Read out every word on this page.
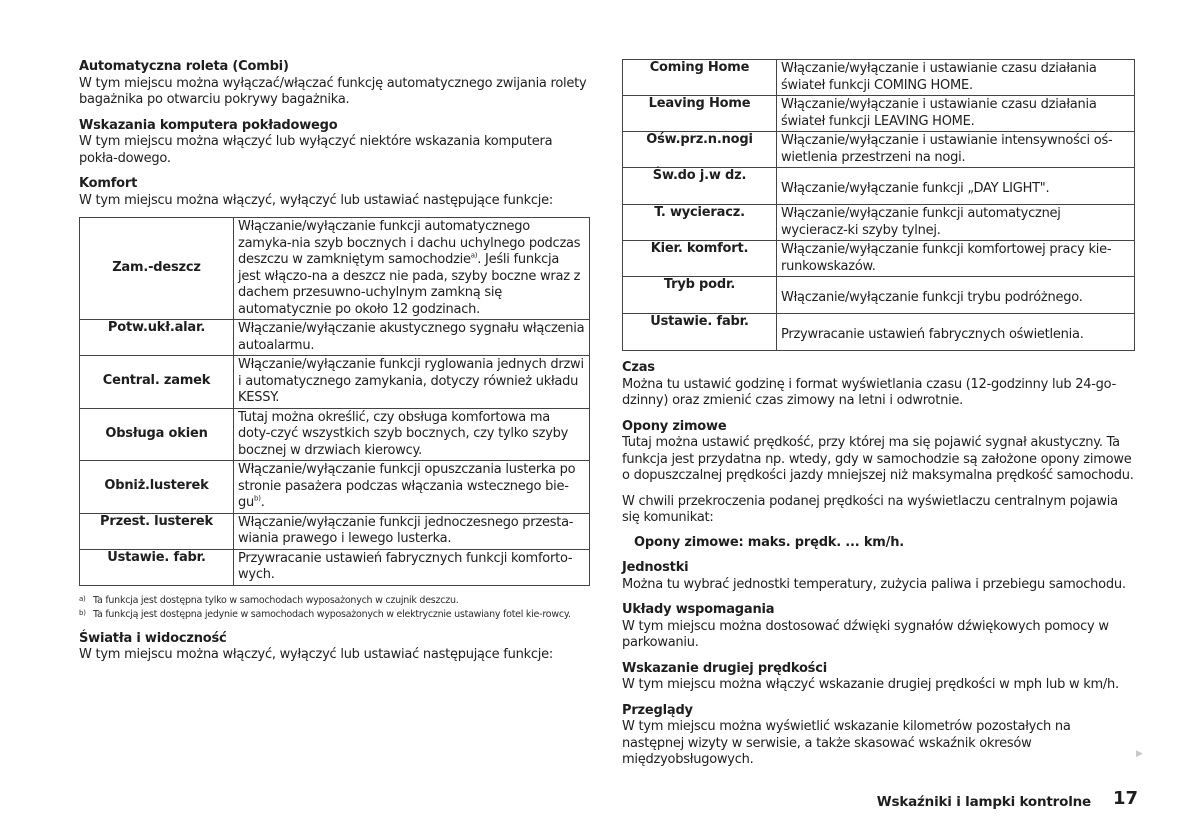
Automatyczna roleta (Combi)

W tym miejscu można wyłączać/włączać funkcję automatycznego zwijania rolety bagażnika po otwarciu pokrywy bagażnika.

Wskazania komputera pokładowego

W tym miejscu można włączyć lub wyłączyć niektóre wskazania komputera pokła-dowego.

Komfort

W tym miejscu można włączyć, wyłączyć lub ustawiać następujące funkcje:

Zam.-deszcz	Włączanie/wyłączanie funkcji automatycznego zamyka-nia szyb bocznych i dachu uchylnego podczas deszczu w zamkniętym samochodzie$^{a)}$. Jeśli funkcja jest włączo-na a deszcz nie pada, szyby boczne wraz z dachem przesuwno-uchylnym zamkną się automatycznie po około 12 godzinach.
Potw.ukł.alar.	Włączanie/wyłączanie akustycznego sygnału włączenia autoalarmu.
Central. zamek	Włączanie/wyłączanie funkcji ryglowania jednych drzwi i automatycznego zamykania, dotyczy również układu KESSY.
Obsługa okien	Tutaj można określić, czy obsługa komfortowa ma doty-czyć wszystkich szyb bocznych, czy tylko szyby bocznej w drzwiach kierowcy.
Obniż.lusterek	Włączanie/wyłączanie funkcji opuszczania lusterka po stronie pasażera podczas włączania wstecznego bie-gu$^{b)}$.
Przest. lusterek	Włączanie/wyłączanie funkcji jednoczesnego przesta-wiania prawego i lewego lusterka.
Ustawie. fabr.	Przywracanie ustawień fabrycznych funkcji komforto-wych.
a) Ta funkcja jest dostępna tylko w samochodach wyposażonych w czujnik deszczu.
b) Ta funkcją jest dostępna jedynie w samochodach wyposażonych w elektrycznie ustawiany fotel kie-rowcy.
Światła i widoczność

W tym miejscu można włączyć, wyłączyć lub ustawiać następujące funkcje:

Coming Home	Włączanie/wyłączanie i ustawianie czasu działania świateł funkcji COMING HOME.
Leaving Home	Włączanie/wyłączanie i ustawianie czasu działania świateł funkcji LEAVING HOME.
Ośw.prz.n.nogi	Włączanie/wyłączanie i ustawianie intensywności oś-wietlenia przestrzeni na nogi.
Św.do j.w dz.	Włączanie/wyłączanie funkcji „DAY LIGHT".
T. wycieracz.	Włączanie/wyłączanie funkcji automatycznej wycieracz-ki szyby tylnej.
Kier. komfort.	Włączanie/wyłączanie funkcji komfortowej pracy kie-runkowskazów.
Tryb podr.	Włączanie/wyłączanie funkcji trybu podróżnego.
Ustawie. fabr.	Przywracanie ustawień fabrycznych oświetlenia.
Czas

Można tu ustawić godzinę i format wyświetlania czasu (12-godzinny lub 24-go-dzinny) oraz zmienić czas zimowy na letni i odwrotnie.

Opony zimowe

Tutaj można ustawić prędkość, przy której ma się pojawić sygnał akustyczny. Ta funkcja jest przydatna np. wtedy, gdy w samochodzie są założone opony zimowe o dopuszczalnej prędkości jazdy mniejszej niż maksymalna prędkość samochodu.

W chwili przekroczenia podanej prędkości na wyświetlaczu centralnym pojawia się komunikat:

Opony zimowe: maks. prędk. ... km/h.
Jednostki

Można tu wybrać jednostki temperatury, zużycia paliwa i przebiegu samochodu.

Układy wspomagania

W tym miejscu można dostosować dźwięki sygnałów dźwiękowych pomocy w parkowaniu.

Wskazanie drugiej prędkości

W tym miejscu można włączyć wskazanie drugiej prędkości w mph lub w km/h.

Przeglądy

W tym miejscu można wyświetlić wskazanie kilometrów pozostałych na następnej wizyty w serwisie, a także skasować wskaźnik okresów międzyobsługowych.	▶
Wskaźniki i lampki kontrolne 17
